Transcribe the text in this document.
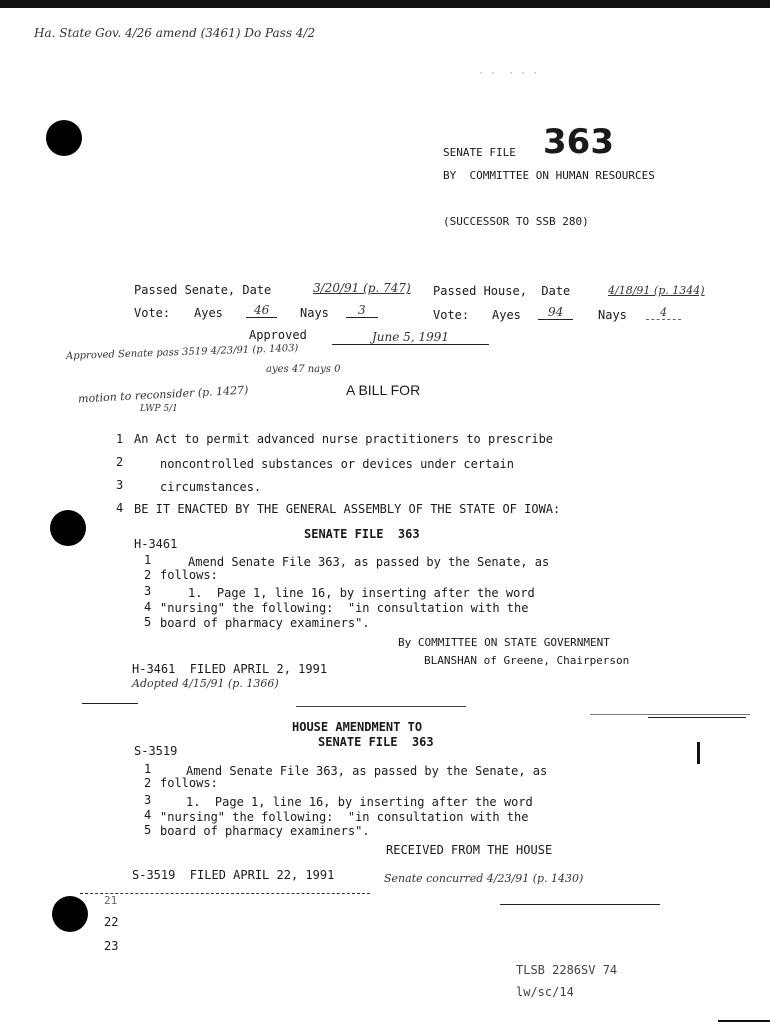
Ha. State Gov. 4/26 amend (3461) Do Pass 4/2
· ·  · · ·
SENATE FILE 363
BY  COMMITTEE ON HUMAN RESOURCES
(SUCCESSOR TO SSB 280)
Passed Senate, Date	3/20/91 (p. 747) Passed House,  Date	4/18/91 (p. 1344)
Vote: Ayes	46	Nays	3	Vote: Ayes	94	Nays	4
Approved	June 5, 1991
Approved Senate pass 3519 4/23/91 (p. 1403)
ayes 47 nays 0
motion to reconsider (p. 1427)
LWP 5/1
A BILL FOR
1 An Act to permit advanced nurse practitioners to prescribe
2	noncontrolled substances or devices under certain
3	circumstances.
4 BE IT ENACTED BY THE GENERAL ASSEMBLY OF THE STATE OF IOWA:
SENATE FILE  363
H-3461
1	Amend Senate File 363, as passed by the Senate, as
2 follows:
3	1.  Page 1, line 16, by inserting after the word
4 "nursing" the following:  "in consultation with the
5 board of pharmacy examiners".
By COMMITTEE ON STATE GOVERNMENT
BLANSHAN of Greene, Chairperson
H-3461  FILED APRIL 2, 1991
Adopted 4/15/91 (p. 1366)
HOUSE AMENDMENT TO
SENATE FILE  363
S-3519
1	Amend Senate File 363, as passed by the Senate, as
2 follows:
3	1.  Page 1, line 16, by inserting after the word
4 "nursing" the following:  "in consultation with the
5 board of pharmacy examiners".
RECEIVED FROM THE HOUSE
S-3519  FILED APRIL 22, 1991	Senate concurred 4/23/91 (p. 1430)
21
22
23
TLSB 2286SV 74
lw/sc/14
